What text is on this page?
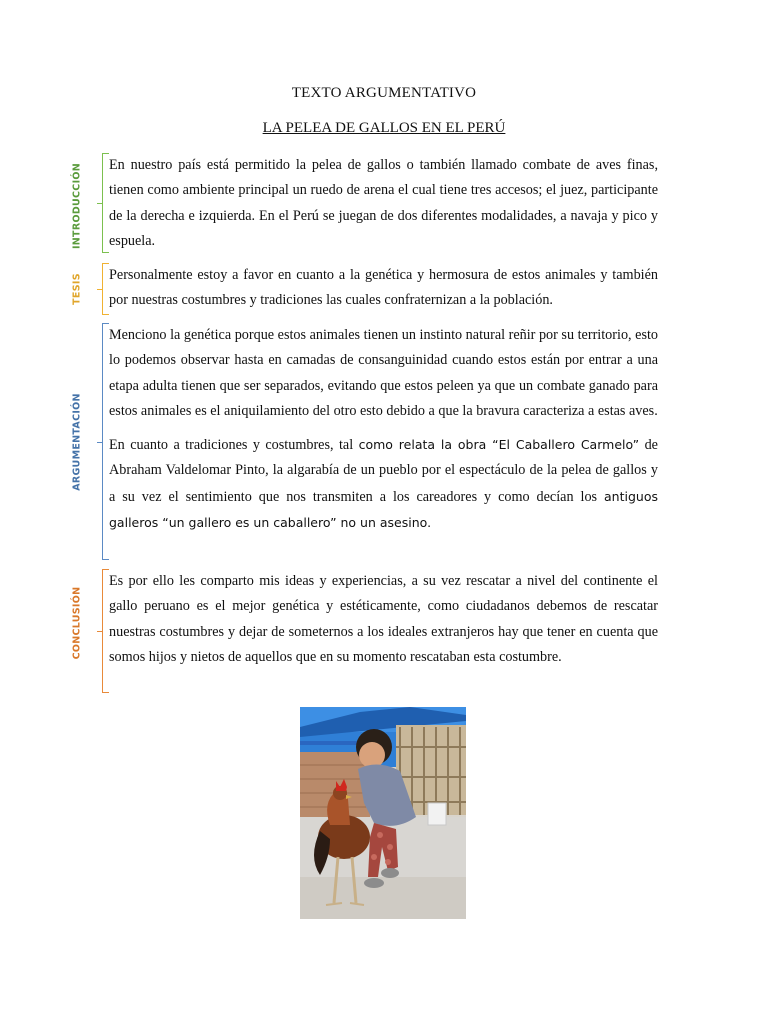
TEXTO ARGUMENTATIVO
LA PELEA DE GALLOS EN EL PERÚ
INTRODUCCIÓN En nuestro país está permitido la pelea de gallos o también llamado combate de aves finas, tienen como ambiente principal un ruedo de arena el cual tiene tres accesos; el juez, participante de la derecha e izquierda. En el Perú se juegan de dos diferentes modalidades, a navaja y pico y espuela.
TESIS Personalmente estoy a favor en cuanto a la genética y hermosura de estos animales y también por nuestras costumbres y tradiciones las cuales confraternizan a la población.
ARGUMENTACIÓN
Menciono la genética porque estos animales tienen un instinto natural reñir por su territorio, esto lo podemos observar hasta en camadas de consanguinidad cuando estos están por entrar a una etapa adulta tienen que ser separados, evitando que estos peleen ya que un combate ganado para estos animales es el aniquilamiento del otro esto debido a que la bravura caracteriza a estas aves.
En cuanto a tradiciones y costumbres, tal como relata la obra “El Caballero Carmelo” de Abraham Valdelomar Pinto, la algarabía de un pueblo por el espectáculo de la pelea de gallos y a su vez el sentimiento que nos transmiten a los careadores y como decían los antiguos galleros “un gallero es un caballero” no un asesino.
CONCLUSIÓN
Es por ello les comparto mis ideas y experiencias, a su vez rescatar a nivel del continente el gallo peruano es el mejor genética y estéticamente, como ciudadanos debemos de rescatar nuestras costumbres y dejar de someternos a los ideales extranjeros hay que tener en cuenta que somos hijos y nietos de aquellos que en su momento rescataban esta costumbre.
